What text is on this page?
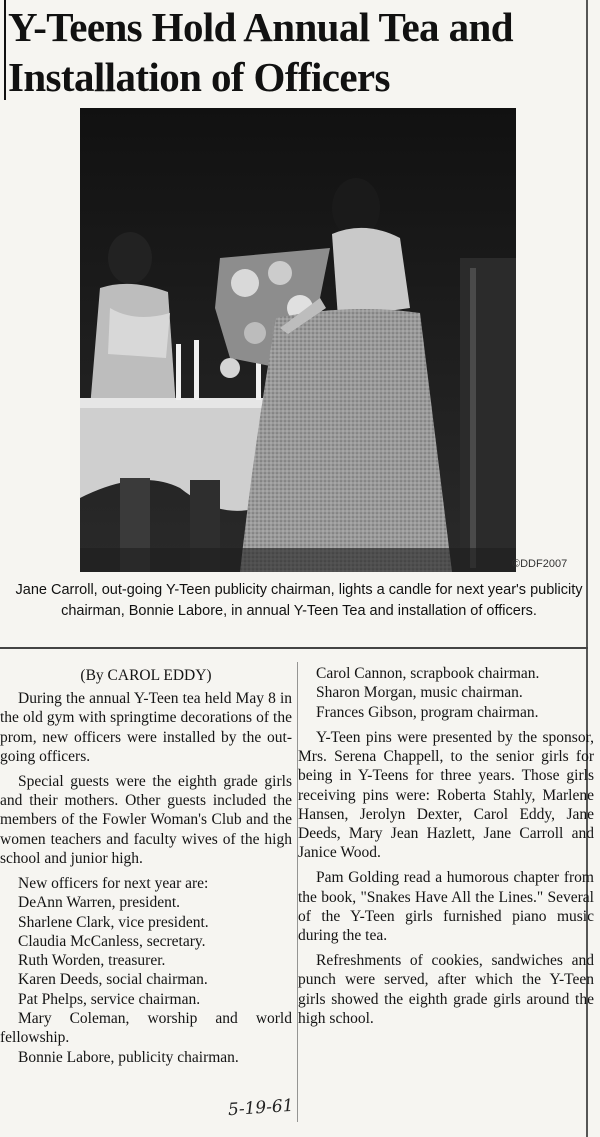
Y-Teens Hold Annual Tea and Installation of Officers
©DDF2007

Jane Carroll, out-going Y-Teen publicity chairman, lights a candle for next year's publicity chairman, Bonnie Labore, in annual Y-Teen Tea and installation of officers.

(By CAROL EDDY)

During the annual Y-Teen tea held May 8 in the old gym with springtime decorations of the prom, new officers were installed by the out-going officers.

Special guests were the eighth grade girls and their mothers. Other guests included the members of the Fowler Woman's Club and the women teachers and faculty wives of the high school and junior high.

New officers for next year are:

DeAnn Warren, president.
Sharlene Clark, vice president.
Claudia McCanless, secretary.
Ruth Worden, treasurer.
Karen Deeds, social chairman.
Pat Phelps, service chairman.
Mary Coleman, worship and world fellowship.
Bonnie Labore, publicity chairman.
Carol Cannon, scrapbook chairman.
Sharon Morgan, music chairman.
Frances Gibson, program chairman.

Y-Teen pins were presented by the sponsor, Mrs. Serena Chappell, to the senior girls for being in Y-Teens for three years. Those girls receiving pins were: Roberta Stahly, Marlene Hansen, Jerolyn Dexter, Carol Eddy, Jane Deeds, Mary Jean Hazlett, Jane Carroll and Janice Wood.

Pam Golding read a humorous chapter from the book, "Snakes Have All the Lines." Several of the Y-Teen girls furnished piano music during the tea.

Refreshments of cookies, sandwiches and punch were served, after which the Y-Teen girls showed the eighth grade girls around the high school.

5-19-61
